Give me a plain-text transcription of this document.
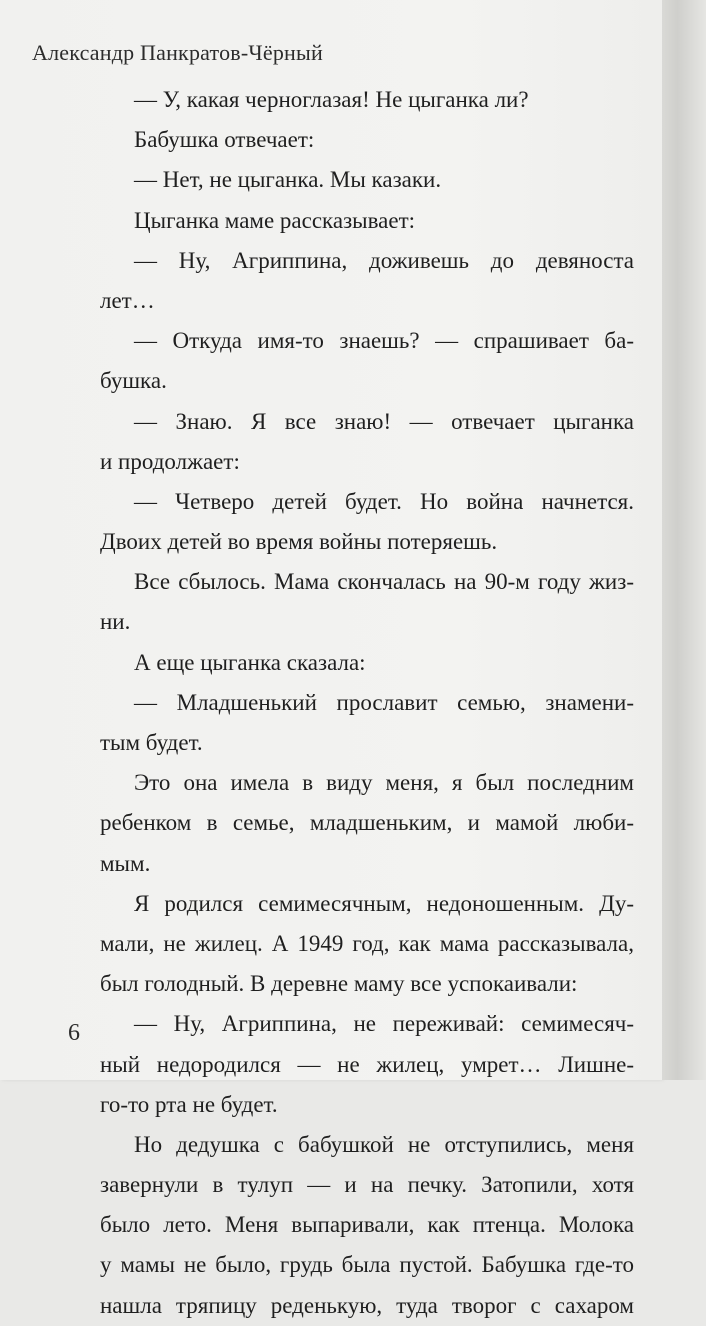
Александр Панкратов-Чёрный
— У, какая черноглазая! Не цыганка ли?
Бабушка отвечает:
— Нет, не цыганка. Мы казаки.
Цыганка маме рассказывает:
— Ну, Агриппина, доживешь до девяноста
лет…
— Откуда имя-то знаешь? — спрашивает ба-
бушка.
— Знаю. Я все знаю! — отвечает цыганка
и продолжает:
— Четверо детей будет. Но война начнется.
Двоих детей во время войны потеряешь.
Все сбылось. Мама скончалась на 90-м году жиз-
ни.
А еще цыганка сказала:
— Младшенький прославит семью, знамени-
тым будет.
Это она имела в виду меня, я был последним
ребенком в семье, младшеньким, и мамой люби-
мым.
Я родился семимесячным, недоношенным. Ду-
мали, не жилец. А 1949 год, как мама рассказывала,
был голодный. В деревне маму все успокаивали:
— Ну, Агриппина, не переживай: семимесяч-
ный недородился — не жилец, умрет… Лишне-
го-то рта не будет.
Но дедушка с бабушкой не отступились, меня
завернули в тулуп — и на печку. Затопили, хотя
было лето. Меня выпаривали, как птенца. Молока
у мамы не было, грудь была пустой. Бабушка где-то
нашла тряпицу реденькую, туда творог с сахаром
6
